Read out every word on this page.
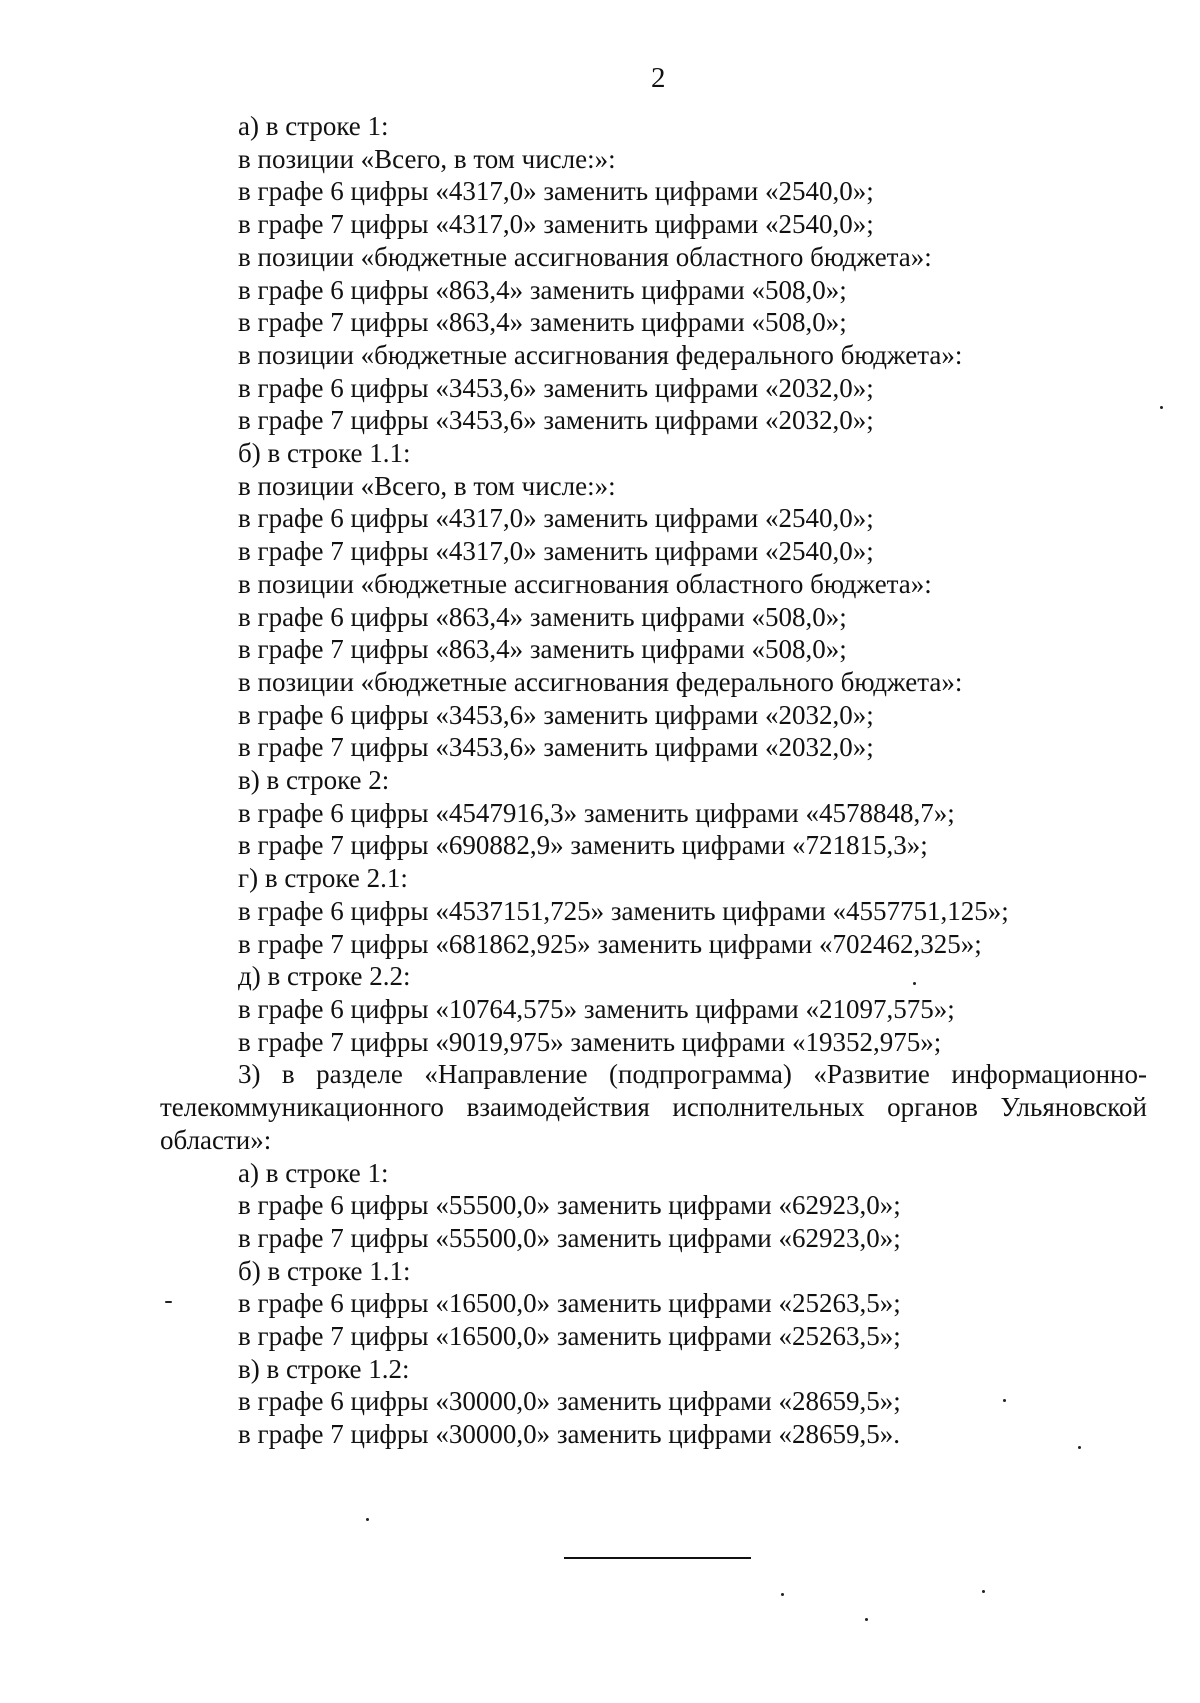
2
а) в строке 1:
в позиции «Всего, в том числе:»:
в графе 6 цифры «4317,0» заменить цифрами «2540,0»;
в графе 7 цифры «4317,0» заменить цифрами «2540,0»;
в позиции «бюджетные ассигнования областного бюджета»:
в графе 6 цифры «863,4» заменить цифрами «508,0»;
в графе 7 цифры «863,4» заменить цифрами «508,0»;
в позиции «бюджетные ассигнования федерального бюджета»:
в графе 6 цифры «3453,6» заменить цифрами «2032,0»;
в графе 7 цифры «3453,6» заменить цифрами «2032,0»;
б) в строке 1.1:
в позиции «Всего, в том числе:»:
в графе 6 цифры «4317,0» заменить цифрами «2540,0»;
в графе 7 цифры «4317,0» заменить цифрами «2540,0»;
в позиции «бюджетные ассигнования областного бюджета»:
в графе 6 цифры «863,4» заменить цифрами «508,0»;
в графе 7 цифры «863,4» заменить цифрами «508,0»;
в позиции «бюджетные ассигнования федерального бюджета»:
в графе 6 цифры «3453,6» заменить цифрами «2032,0»;
в графе 7 цифры «3453,6» заменить цифрами «2032,0»;
в) в строке 2:
в графе 6 цифры «4547916,3» заменить цифрами «4578848,7»;
в графе 7 цифры «690882,9» заменить цифрами «721815,3»;
г) в строке 2.1:
в графе 6 цифры «4537151,725» заменить цифрами «4557751,125»;
в графе 7 цифры «681862,925» заменить цифрами «702462,325»;
д) в строке 2.2:
в графе 6 цифры «10764,575» заменить цифрами «21097,575»;
в графе 7 цифры «9019,975» заменить цифрами «19352,975»;
3) в разделе «Направление (подпрограмма) «Развитие информационно-телекоммуникационного взаимодействия исполнительных органов Ульяновской области»:
а) в строке 1:
в графе 6 цифры «55500,0» заменить цифрами «62923,0»;
в графе 7 цифры «55500,0» заменить цифрами «62923,0»;
б) в строке 1.1:
в графе 6 цифры «16500,0» заменить цифрами «25263,5»;
в графе 7 цифры «16500,0» заменить цифрами «25263,5»;
в) в строке 1.2:
в графе 6 цифры «30000,0» заменить цифрами «28659,5»;
в графе 7 цифры «30000,0» заменить цифрами «28659,5».
